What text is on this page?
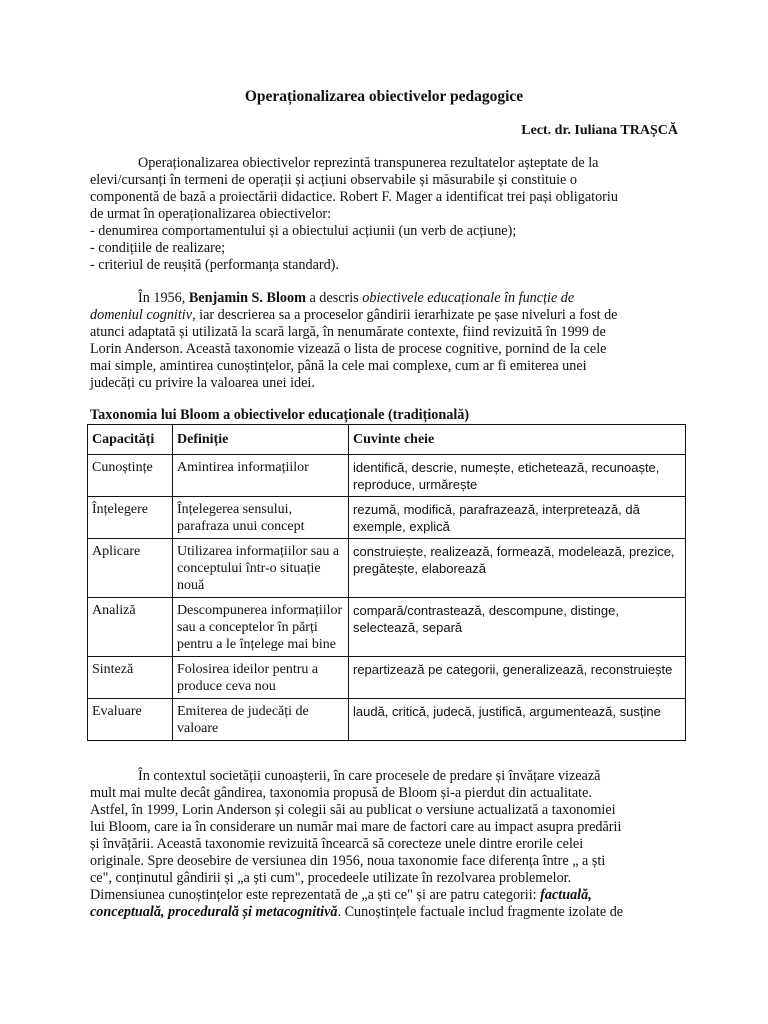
Operaționalizarea obiectivelor pedagogice
Lect. dr. Iuliana TRAȘCĂ
Operaționalizarea obiectivelor reprezintă transpunerea rezultatelor așteptate de la
elevi/cursanți în termeni de operații și acțiuni observabile și măsurabile și constituie o
componentă de bază a proiectării didactice. Robert F. Mager a identificat trei pași obligatoriu
de urmat în operaționalizarea obiectivelor:
- denumirea comportamentului și a obiectului acțiunii (un verb de acțiune);
- condițiile de realizare;
- criteriul de reușită (performanța standard).
În 1956, Benjamin S. Bloom a descris obiectivele educaționale în funcție de
domeniul cognitiv, iar descrierea sa a proceselor gândirii ierarhizate pe șase niveluri a fost de
atunci adaptată și utilizată la scară largă, în nenumărate contexte, fiind revizuită în 1999 de
Lorin Anderson. Această taxonomie vizează o lista de procese cognitive, pornind de la cele
mai simple, amintirea cunoștințelor, până la cele mai complexe, cum ar fi emiterea unei
judecăți cu privire la valoarea unei idei.
Taxonomia lui Bloom a obiectivelor educaționale (tradițională)
Capacități	Definiție	Cuvinte cheie
Cunoștințe	Amintirea informațiilor	identifică, descrie, numește, etichetează, recunoaște, reproduce, urmărește
Înțelegere	Înțelegerea sensului, parafraza unui concept	rezumă, modifică, parafrazează, interpretează, dă exemple, explică
Aplicare	Utilizarea informațiilor sau a conceptului într-o situație nouă	construiește, realizează, formează, modelează, prezice, pregătește, elaborează
Analiză	Descompunerea informațiilor sau a conceptelor în părți pentru a le înțelege mai bine	compară/contrastează, descompune, distinge, selectează, separă
Sinteză	Folosirea ideilor pentru a produce ceva nou	repartizează pe categorii, generalizează, reconstruiește
Evaluare	Emiterea de judecăți de valoare	laudă, critică, judecă, justifică, argumentează, susține
În contextul societății cunoașterii, în care procesele de predare și învățare vizează
mult mai multe decât gândirea, taxonomia propusă de Bloom și-a pierdut din actualitate.
Astfel, în 1999, Lorin Anderson și colegii săi au publicat o versiune actualizată a taxonomiei
lui Bloom, care ia în considerare un număr mai mare de factori care au impact asupra predării
și învățării. Această taxonomie revizuită încearcă să corecteze unele dintre erorile celei
originale. Spre deosebire de versiunea din 1956, noua taxonomie face diferența între „ a ști
ce", conținutul gândirii și „a ști cum", procedeele utilizate în rezolvarea problemelor.
Dimensiunea cunoștințelor este reprezentată de „a ști ce" și are patru categorii: factuală,
conceptuală, procedurală și metacognitivă. Cunoștințele factuale includ fragmente izolate de
